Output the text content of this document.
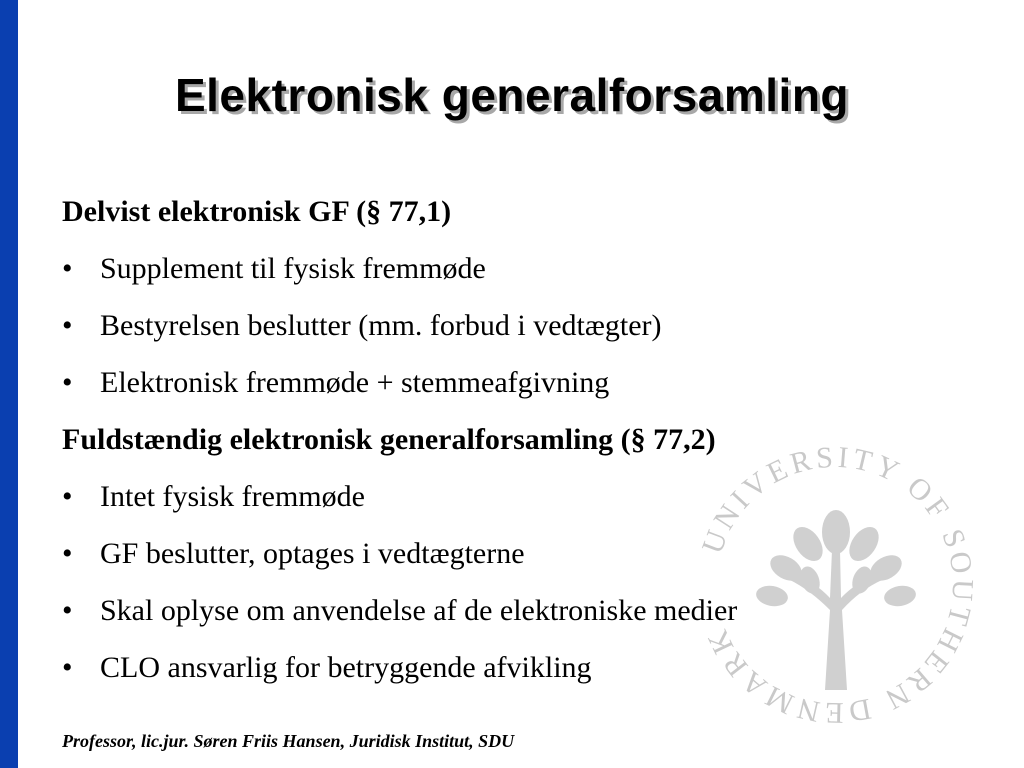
UNIVERSITY OF SOUTHERN DENMARK
Elektronisk generalforsamling
Delvist elektronisk GF (§ 77,1)
• Supplement til fysisk fremmøde
• Bestyrelsen beslutter (mm. forbud i vedtægter)
• Elektronisk fremmøde + stemmeafgivning
Fuldstændig elektronisk generalforsamling (§ 77,2)
• Intet fysisk fremmøde
• GF beslutter, optages i vedtægterne
• Skal oplyse om anvendelse af de elektroniske medier
• CLO ansvarlig for betryggende afvikling
Professor, lic.jur. Søren Friis Hansen, Juridisk Institut, SDU
